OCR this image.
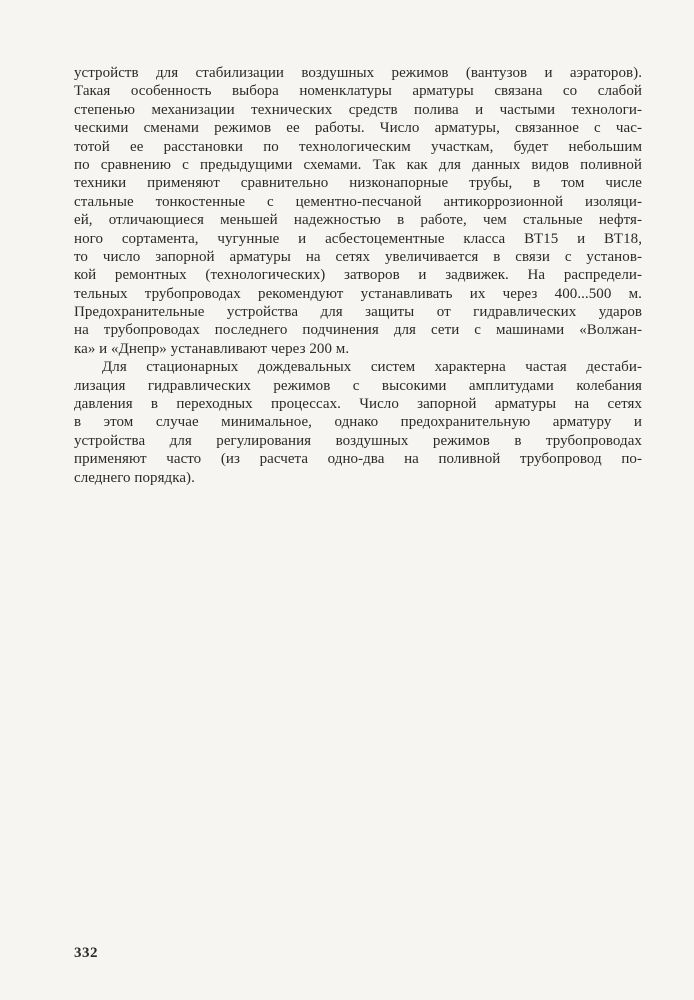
устройств для стабилизации воздушных режимов (вантузов и аэраторов).
Такая особенность выбора номенклатуры арматуры связана со слабой
степенью механизации технических средств полива и частыми технологи-
ческими сменами режимов ее работы. Число арматуры, связанное с час-
тотой ее расстановки по технологическим участкам, будет небольшим
по сравнению с предыдущими схемами. Так как для данных видов поливной
техники применяют сравнительно низконапорные трубы, в том числе
стальные тонкостенные с цементно-песчаной антикоррозионной изоляци-
ей, отличающиеся меньшей надежностью в работе, чем стальные нефтя-
ного сортамента, чугунные и асбестоцементные класса ВТ15 и ВТ18,
то число запорной арматуры на сетях увеличивается в связи с установ-
кой ремонтных (технологических) затворов и задвижек. На распредели-
тельных трубопроводах рекомендуют устанавливать их через 400...500 м.
Предохранительные устройства для защиты от гидравлических ударов
на трубопроводах последнего подчинения для сети с машинами «Волжан-
ка» и «Днепр» устанавливают через 200 м.
Для стационарных дождевальных систем характерна частая дестаби-
лизация гидравлических режимов с высокими амплитудами колебания
давления в переходных процессах. Число запорной арматуры на сетях
в этом случае минимальное, однако предохранительную арматуру и
устройства для регулирования воздушных режимов в трубопроводах
применяют часто (из расчета одно-два на поливной трубопровод по-
следнего порядка).
332
